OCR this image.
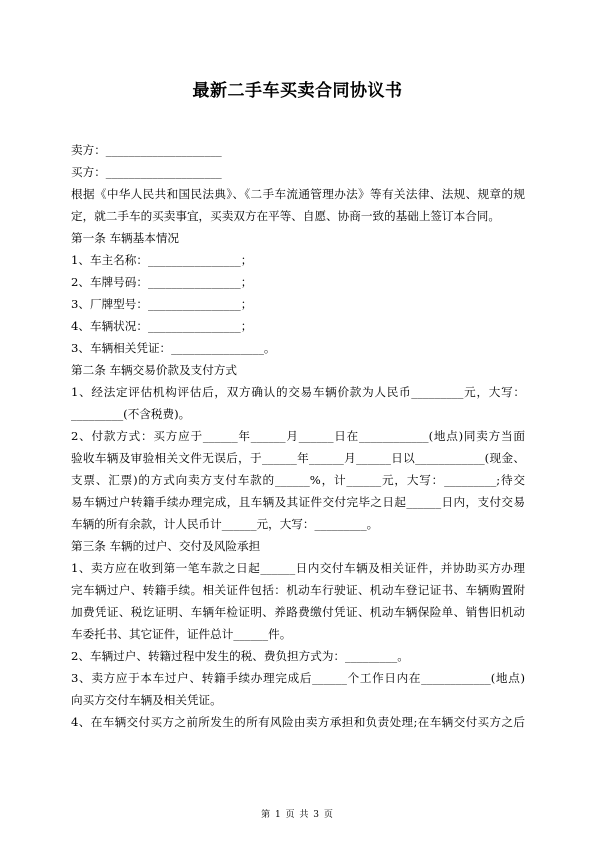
最新二手车买卖合同协议书
卖方：____________________
买方：____________________
根据《中华人民共和国民法典》、《二手车流通管理办法》等有关法律、法规、规章的规
定，就二手车的买卖事宜，买卖双方在平等、自愿、协商一致的基础上签订本合同。
第一条 车辆基本情况
1、车主名称：________________；
2、车牌号码：________________；
3、厂牌型号：________________；
4、车辆状况：________________；
3、车辆相关凭证：________________。
第二条 车辆交易价款及支付方式
1、经法定评估机构评估后，双方确认的交易车辆价款为人民币_________元，大写：
_________(不含税费)。
2、付款方式：买方应于______年______月______日在____________(地点)同卖方当面
验收车辆及审验相关文件无误后，于______年______月______日以____________(现金、
支票、汇票)的方式向卖方支付车款的______%，计______元，大写：_________;待交
易车辆过户转籍手续办理完成，且车辆及其证件交付完毕之日起______日内，支付交易
车辆的所有余款，计人民币计______元，大写：_________。
第三条 车辆的过户、交付及风险承担
1、卖方应在收到第一笔车款之日起______日内交付车辆及相关证件，并协助买方办理
完车辆过户、转籍手续。相关证件包括：机动车行驶证、机动车登记证书、车辆购置附
加费凭证、税讫证明、车辆年检证明、养路费缴付凭证、机动车辆保险单、销售旧机动
车委托书、其它证件，证件总计______件。
2、车辆过户、转籍过程中发生的税、费负担方式为：_________。
3、卖方应于本车过户、转籍手续办理完成后______个工作日内在____________(地点)
向买方交付车辆及相关凭证。
4、在车辆交付买方之前所发生的所有风险由卖方承担和负责处理;在车辆交付买方之后
第 1 页 共 3 页
